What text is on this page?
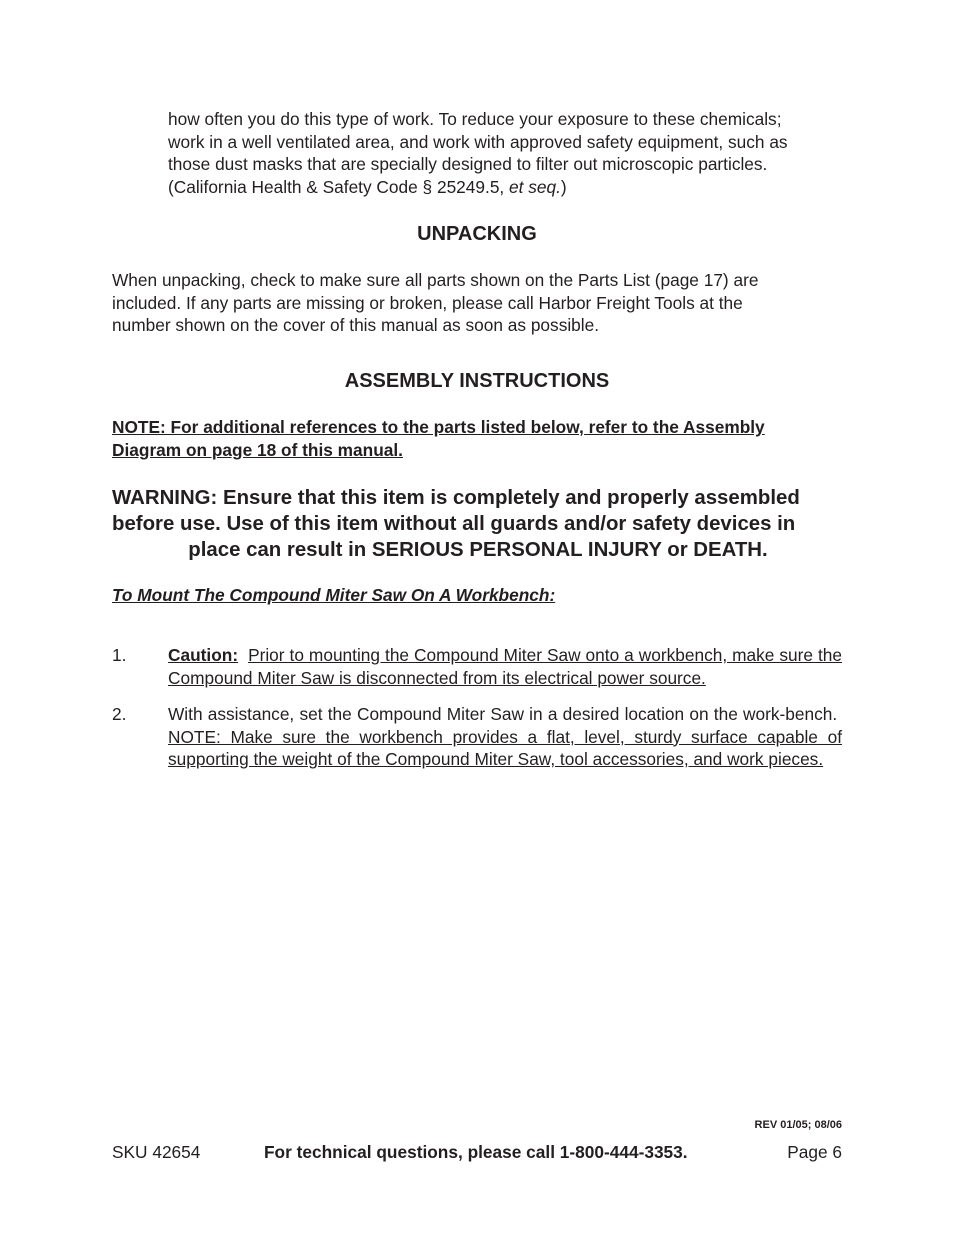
how often you do this type of work. To reduce your exposure to these chemicals;
work in a well ventilated area, and work with approved safety equipment, such as
those dust masks that are specially designed to filter out microscopic particles.
(California Health & Safety Code § 25249.5, et seq.)
UNPACKING
When unpacking, check to make sure all parts shown on the Parts List (page 17) are
included. If any parts are missing or broken, please call Harbor Freight Tools at the
number shown on the cover of this manual as soon as possible.
ASSEMBLY INSTRUCTIONS
NOTE: For additional references to the parts listed below, refer to the Assembly
Diagram on page 18 of this manual.
WARNING: Ensure that this item is completely and properly assembled
before use. Use of this item without all guards and/or safety devices in
place can result in SERIOUS PERSONAL INJURY or DEATH.
To Mount The Compound Miter Saw On A Workbench:
1. Caution: Prior to mounting the Compound Miter Saw onto a workbench, make sure the Compound Miter Saw is disconnected from its electrical power source.
2. With assistance, set the Compound Miter Saw in a desired location on the work-bench.  NOTE: Make sure the workbench provides a flat, level, sturdy surface capable of supporting the weight of the Compound Miter Saw, tool accessories, and work pieces.
REV 01/05; 08/06
SKU 42654	For technical questions, please call 1-800-444-3353.	Page 6
